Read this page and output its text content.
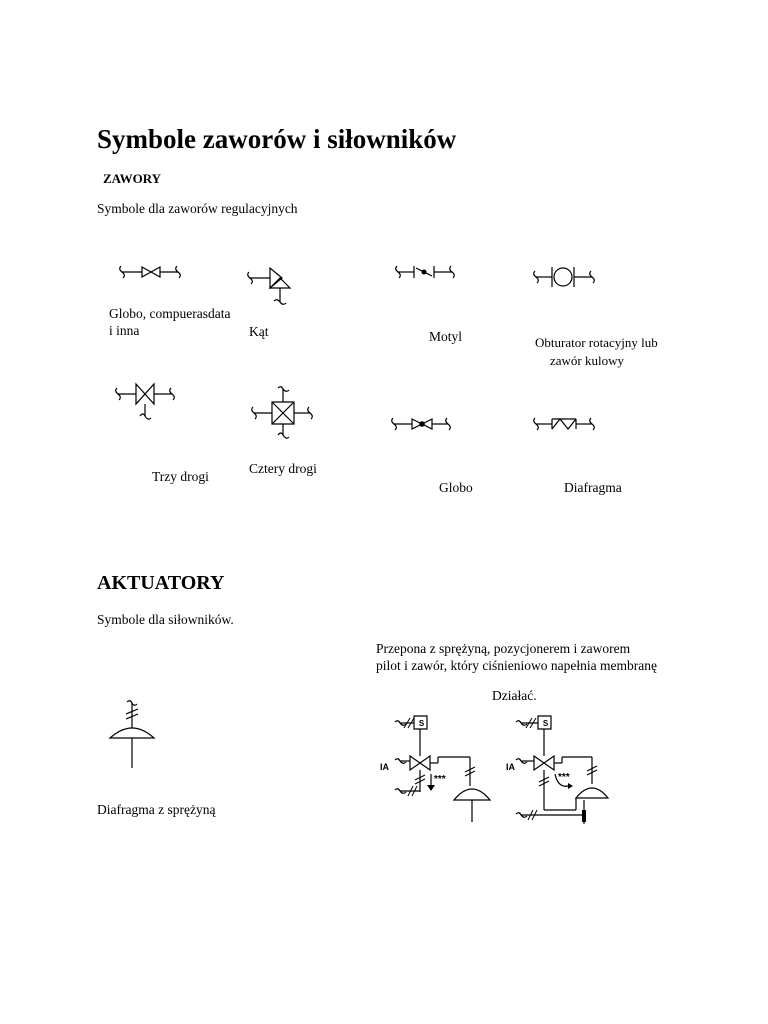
Symbole zaworów i siłowników
ZAWORY
Symbole dla zaworów regulacyjnych
Globo, compuerasdata
i inna	Kąt	Motyl	Obturator rotacyjny lub
zawór kulowy
Trzy drogi
Cztery drogi
Globo	Diafragma
AKTUATORY
Symbole dla siłowników.
Przepona z sprężyną, pozycjonerem i zaworem
pilot i zawór, który ciśnieniowo napełnia membranę
Działać.
Diafragma z sprężyną
S
IA
***
S
IA
***
